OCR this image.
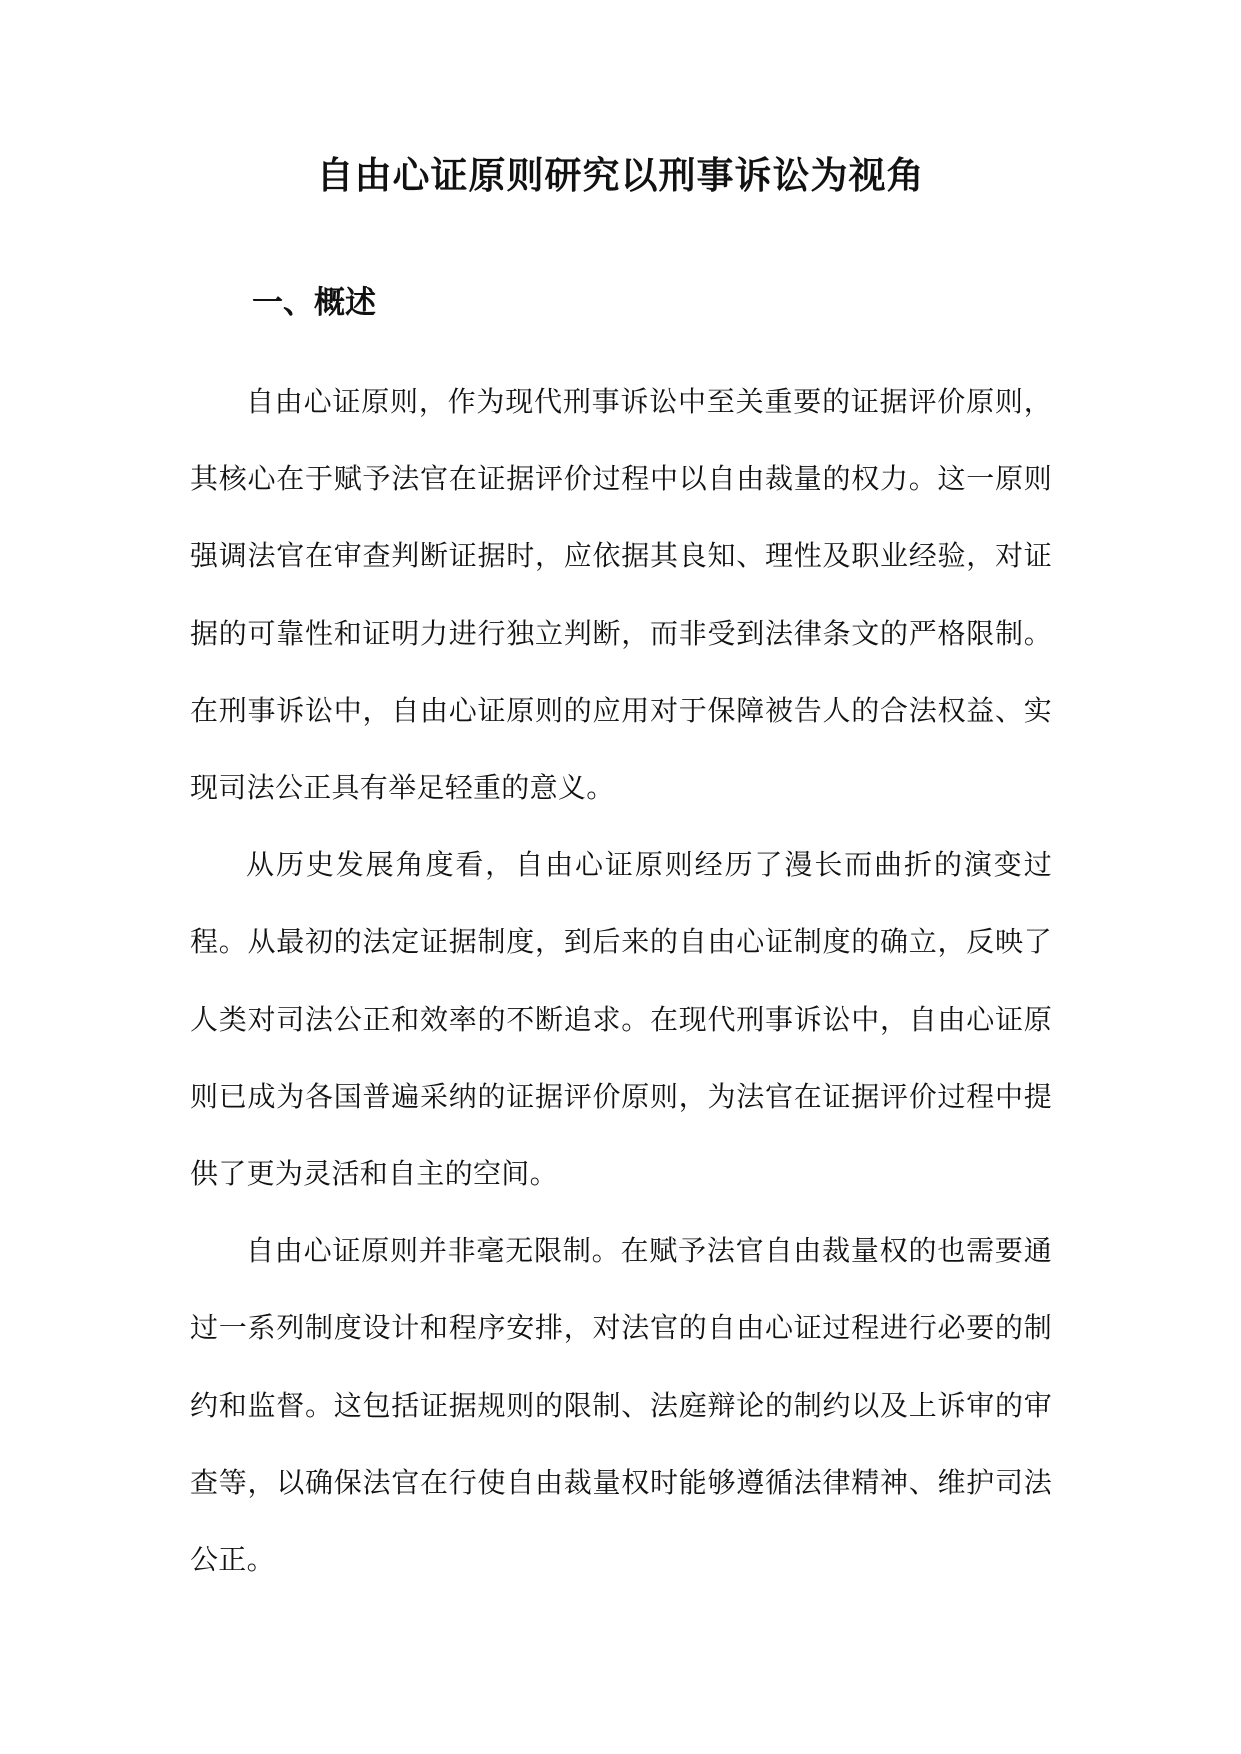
自由心证原则研究以刑事诉讼为视角
一、概述

自由心证原则，作为现代刑事诉讼中至关重要的证据评价原则，其核心在于赋予法官在证据评价过程中以自由裁量的权力。这一原则强调法官在审查判断证据时，应依据其良知、理性及职业经验，对证据的可靠性和证明力进行独立判断，而非受到法律条文的严格限制。在刑事诉讼中，自由心证原则的应用对于保障被告人的合法权益、实现司法公正具有举足轻重的意义。

从历史发展角度看，自由心证原则经历了漫长而曲折的演变过程。从最初的法定证据制度，到后来的自由心证制度的确立，反映了人类对司法公正和效率的不断追求。在现代刑事诉讼中，自由心证原则已成为各国普遍采纳的证据评价原则，为法官在证据评价过程中提供了更为灵活和自主的空间。

自由心证原则并非毫无限制。在赋予法官自由裁量权的也需要通过一系列制度设计和程序安排，对法官的自由心证过程进行必要的制约和监督。这包括证据规则的限制、法庭辩论的制约以及上诉审的审查等，以确保法官在行使自由裁量权时能够遵循法律精神、维护司法公正。
